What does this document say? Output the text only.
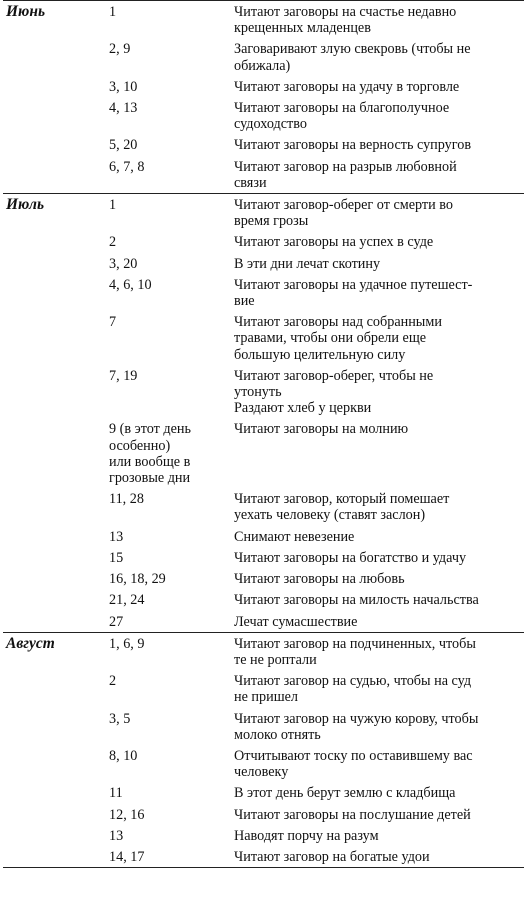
Июнь	1	Читают заговоры на счастье недавно
крещенных младенцев

	2, 9	Заговаривают злую свекровь (чтобы не
обижала)

	3, 10	Читают заговоры на удачу в торговле

	4, 13	Читают заговоры на благополучное
судоходство

	5, 20	Читают заговоры на верность супругов

	6, 7, 8	Читают заговор на разрыв любовной
связи

Июль	1	Читают заговор-оберег от смерти во
время грозы

	2	Читают заговоры на успех в суде

	3, 20	В эти дни лечат скотину

	4, 6, 10	Читают заговоры на удачное путешест-
вие

	7	Читают заговоры над собранными
травами, чтобы они обрели еще
большую целительную силу

	7, 19	Читают заговор-оберег, чтобы не
утонуть
Раздают хлеб у церкви

	9 (в этот день
особенно)
или вообще в
грозовые дни	Читают заговоры на молнию

	11, 28	Читают заговор, который помешает
уехать человеку (ставят заслон)

	13	Снимают невезение

	15	Читают заговоры на богатство и удачу

	16, 18, 29	Читают заговоры на любовь

	21, 24	Читают заговоры на милость начальства

	27	Лечат сумасшествие

Август	1, 6, 9	Читают заговор на подчиненных, чтобы
те не роптали

	2	Читают заговор на судью, чтобы на суд
не пришел

	3, 5	Читают заговор на чужую корову, чтобы
молоко отнять

	8, 10	Отчитывают тоску по оставившему вас
человеку

	11	В этот день берут землю с кладбища

	12, 16	Читают заговоры на послушание детей

	13	Наводят порчу на разум

	14, 17	Читают заговор на богатые удои
